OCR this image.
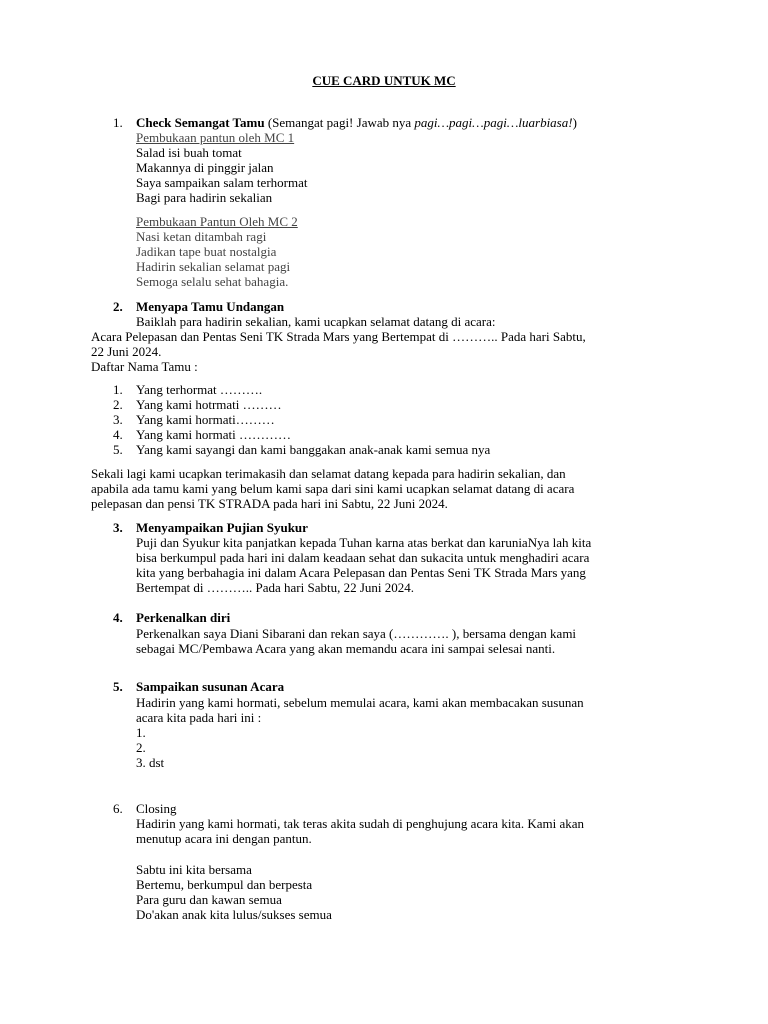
CUE CARD UNTUK MC
1. Check Semangat Tamu (Semangat pagi! Jawab nya pagi…pagi…pagi…luarbiasa!)
Pembukaan pantun oleh MC 1
Salad isi buah tomat
Makannya di pinggir jalan
Saya sampaikan salam terhormat
Bagi para hadirin sekalian
Pembukaan Pantun Oleh MC 2
Nasi ketan ditambah ragi
Jadikan tape buat nostalgia
Hadirin sekalian selamat pagi
Semoga selalu sehat bahagia.
2. Menyapa Tamu Undangan
Baiklah para hadirin sekalian, kami ucapkan selamat datang di acara:
Acara Pelepasan dan Pentas Seni TK Strada Mars yang Bertempat di ……….. Pada hari Sabtu,
22 Juni 2024.
Daftar Nama Tamu :
1. Yang terhormat ……….
2. Yang kami hotrmati ………
3. Yang kami hormati………
4. Yang kami hormati …………
5. Yang kami sayangi dan kami banggakan anak-anak kami semua nya
Sekali lagi kami ucapkan terimakasih dan selamat datang kepada para hadirin sekalian, dan
apabila ada tamu kami yang belum kami sapa dari sini kami ucapkan selamat datang di acara
pelepasan dan pensi TK STRADA pada hari ini Sabtu, 22 Juni 2024.
3. Menyampaikan Pujian Syukur
Puji dan Syukur kita panjatkan kepada Tuhan karna atas berkat dan karuniaNya lah kita
bisa berkumpul pada hari ini dalam keadaan sehat dan sukacita untuk menghadiri acara
kita yang berbahagia ini dalam Acara Pelepasan dan Pentas Seni TK Strada Mars yang
Bertempat di ……….. Pada hari Sabtu, 22 Juni 2024.
4. Perkenalkan diri
Perkenalkan saya Diani Sibarani dan rekan saya (…………. ), bersama dengan kami
sebagai MC/Pembawa Acara yang akan memandu acara ini sampai selesai nanti.
5. Sampaikan susunan Acara
Hadirin yang kami hormati, sebelum memulai acara, kami akan membacakan susunan
acara kita pada hari ini :
1.
2.
3. dst
6. Closing
Hadirin yang kami hormati, tak teras akita sudah di penghujung acara kita. Kami akan
menutup acara ini dengan pantun.
Sabtu ini kita bersama
Bertemu, berkumpul dan berpesta
Para guru dan kawan semua
Do'akan anak kita lulus/sukses semua
